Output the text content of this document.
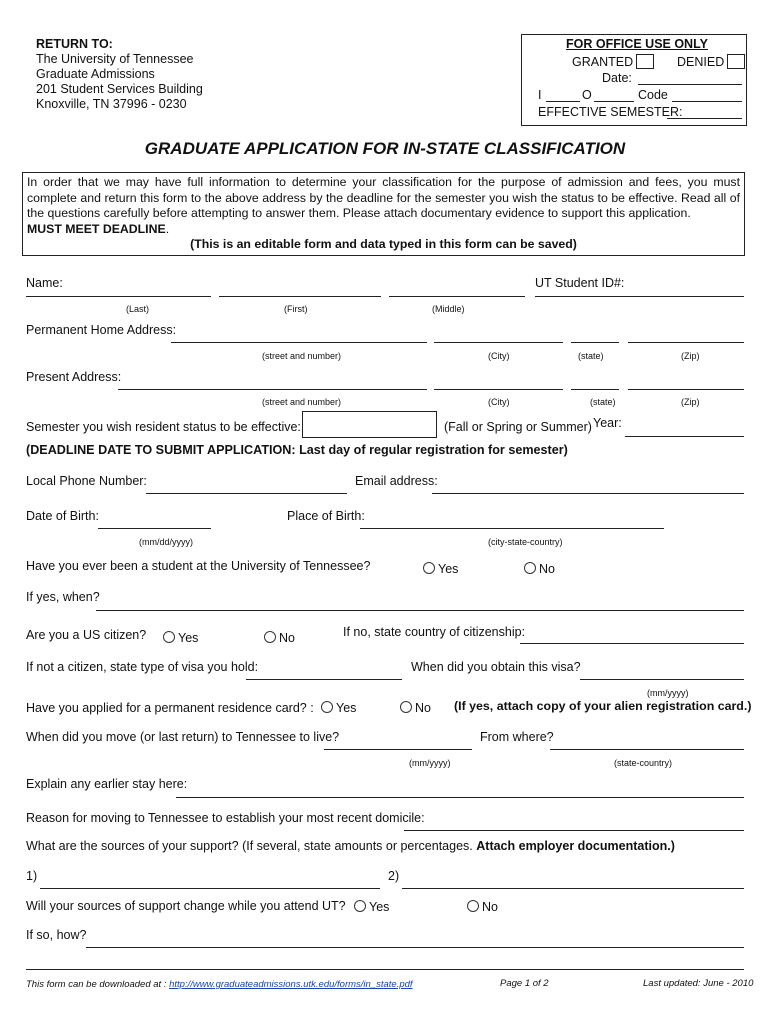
RETURN TO:
The University of Tennessee
Graduate Admissions
201 Student Services Building
Knoxville, TN 37996 - 0230
FOR OFFICE USE ONLY
GRANTED	DENIED
Date:
I	O	Code
EFFECTIVE SEMESTER:
GRADUATE APPLICATION FOR IN-STATE CLASSIFICATION
In order that we may have full information to determine your classification for the purpose of admission and fees, you must complete and return this form to the above address by the deadline for the semester you wish the status to be effective. Read all of the questions carefully before attempting to answer them. Please attach documentary evidence to support this application.
MUST MEET DEADLINE.
(This is an editable form and data typed in this form can be saved)
Name:	UT Student ID#:
(Last)	(First)	(Middle)
Permanent Home Address:
(street and number)	(City)	(state)	(Zip)
Present Address:
(street and number)	(City)	(state)	(Zip)
Semester you wish resident status to be effective:	(Fall or Spring or Summer) Year:
(DEADLINE DATE TO SUBMIT APPLICATION: Last day of regular registration for semester)
Local Phone Number:	Email address:
Date of Birth:	Place of Birth:
(mm/dd/yyyy)	(city-state-country)
Have you ever been a student at the University of Tennessee?	Yes	No
If yes, when?
Are you a US citizen?	Yes	No	If no, state country of citizenship:
If not a citizen, state type of visa you hold:	When did you obtain this visa?
(mm/yyyy)
Have you applied for a permanent residence card? :	Yes	No (If yes, attach copy of your alien registration card.)
When did you move (or last return) to Tennessee to live?	From where?
(mm/yyyy)	(state-country)
Explain any earlier stay here:
Reason for moving to Tennessee to establish your most recent domicile:
What are the sources of your support? (If several, state amounts or percentages. Attach employer documentation.)
1)	2)
Will your sources of support change while you attend UT?	Yes	No
If so, how?
This form can be downloaded at : http://www.graduateadmissions.utk.edu/forms/in_state.pdf	Page 1 of 2	Last updated: June - 2010
